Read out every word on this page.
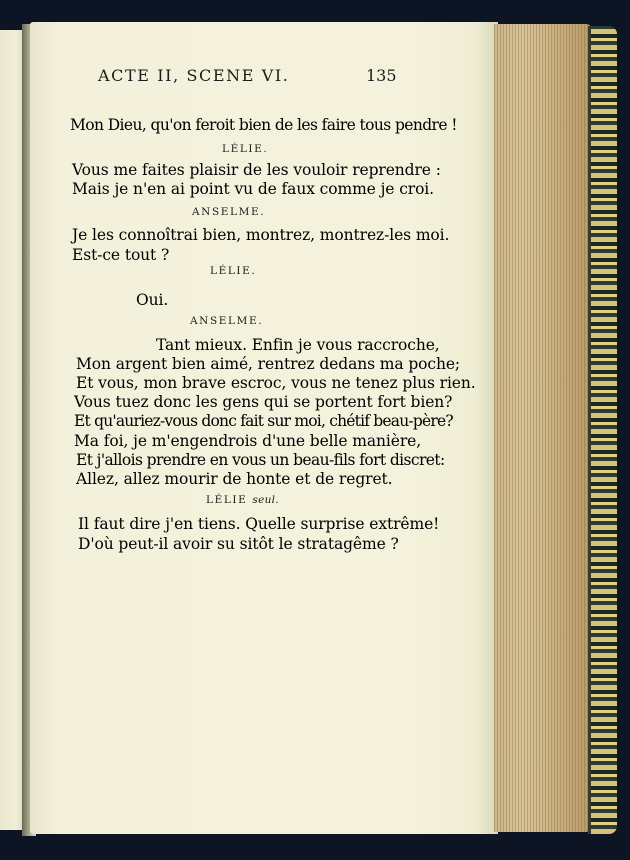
ACTE II, SCENE VI.	135
Mon Dieu, qu'on feroit bien de les faire tous pendre !
LÉLIE.
Vous me faites plaisir de les vouloir reprendre :
Mais je n'en ai point vu de faux comme je croi.
ANSELME.
Je les connoîtrai bien, montrez, montrez-les moi.
Est-ce tout ?
LÉLIE.
Oui.
ANSELME.
Tant mieux. Enfin je vous raccroche,
Mon argent bien aimé, rentrez dedans ma poche;
Et vous, mon brave escroc, vous ne tenez plus rien.
Vous tuez donc les gens qui se portent fort bien?
Et qu'auriez-vous donc fait sur moi, chétif beau-père?
Ma foi, je m'engendrois d'une belle manière,
Et j'allois prendre en vous un beau-fils fort discret:
Allez, allez mourir de honte et de regret.
LÉLIE seul.
Il faut dire j'en tiens. Quelle surprise extrême!
D'où peut-il avoir su sitôt le stratagême ?
